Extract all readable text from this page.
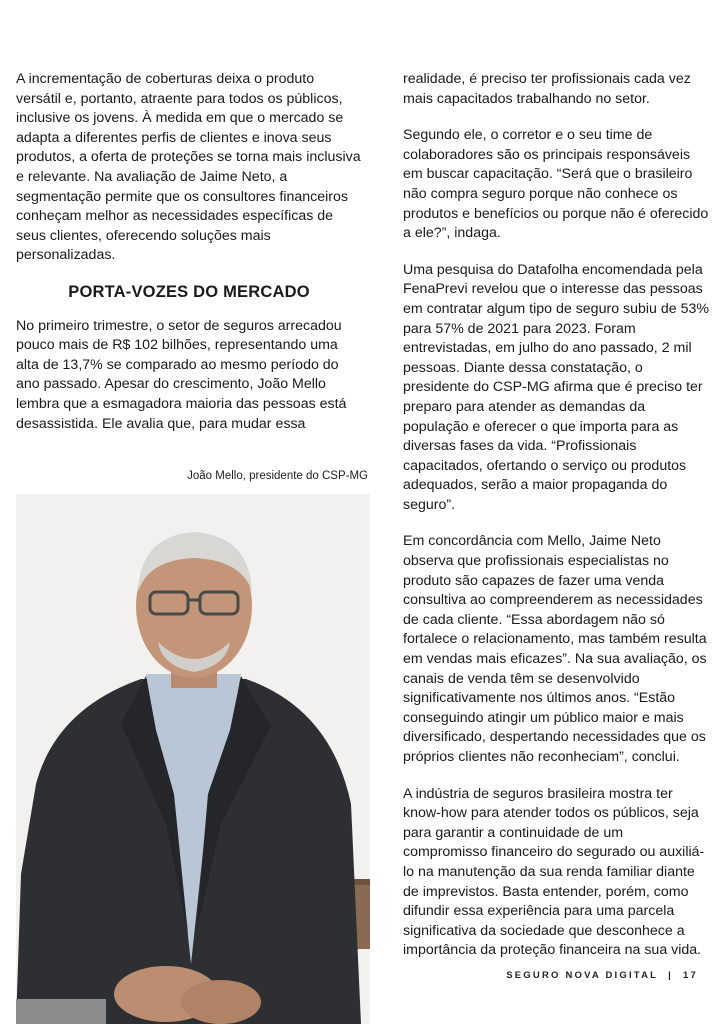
A incrementação de coberturas deixa o produto versátil e, portanto, atraente para todos os públicos, inclusive os jovens. À medida em que o mercado se adapta a diferentes perfis de clientes e inova seus produtos, a oferta de proteções se torna mais inclusiva e relevante. Na avaliação de Jaime Neto, a segmentação permite que os consultores financeiros conheçam melhor as necessidades específicas de seus clientes, oferecendo soluções mais personalizadas.

PORTA-VOZES DO MERCADO

No primeiro trimestre, o setor de seguros arrecadou pouco mais de R$ 102 bilhões, representando uma alta de 13,7% se comparado ao mesmo período do ano passado. Apesar do crescimento, João Mello lembra que a esmagadora maioria das pessoas está desassistida. Ele avalia que, para mudar essa

João Mello, presidente do CSP-MG

realidade, é preciso ter profissionais cada vez mais capacitados trabalhando no setor.

Segundo ele, o corretor e o seu time de colaboradores são os principais responsáveis em buscar capacitação. “Será que o brasileiro não compra seguro porque não conhece os produtos e benefícios ou porque não é oferecido a ele?”, indaga.

Uma pesquisa do Datafolha encomendada pela FenaPrevi revelou que o interesse das pessoas em contratar algum tipo de seguro subiu de 53% para 57% de 2021 para 2023. Foram entrevistadas, em julho do ano passado, 2 mil pessoas. Diante dessa constatação, o presidente do CSP-MG afirma que é preciso ter preparo para atender as demandas da população e oferecer o que importa para as diversas fases da vida. “Profissionais capacitados, ofertando o serviço ou produtos adequados, serão a maior propaganda do seguro”.

Em concordância com Mello, Jaime Neto observa que profissionais especialistas no produto são capazes de fazer uma venda consultiva ao compreenderem as necessidades de cada cliente. “Essa abordagem não só fortalece o relacionamento, mas também resulta em vendas mais eficazes”. Na sua avaliação, os canais de venda têm se desenvolvido significativamente nos últimos anos. “Estão conseguindo atingir um público maior e mais diversificado, despertando necessidades que os próprios clientes não reconheciam”, conclui.

A indústria de seguros brasileira mostra ter know-how para atender todos os públicos, seja para garantir a continuidade de um compromisso financeiro do segurado ou auxiliá-lo na manutenção da sua renda familiar diante de imprevistos. Basta entender, porém, como difundir essa experiência para uma parcela significativa da sociedade que desconhece a importância da proteção financeira na sua vida.

SEGURO NOVA DIGITAL | 17
